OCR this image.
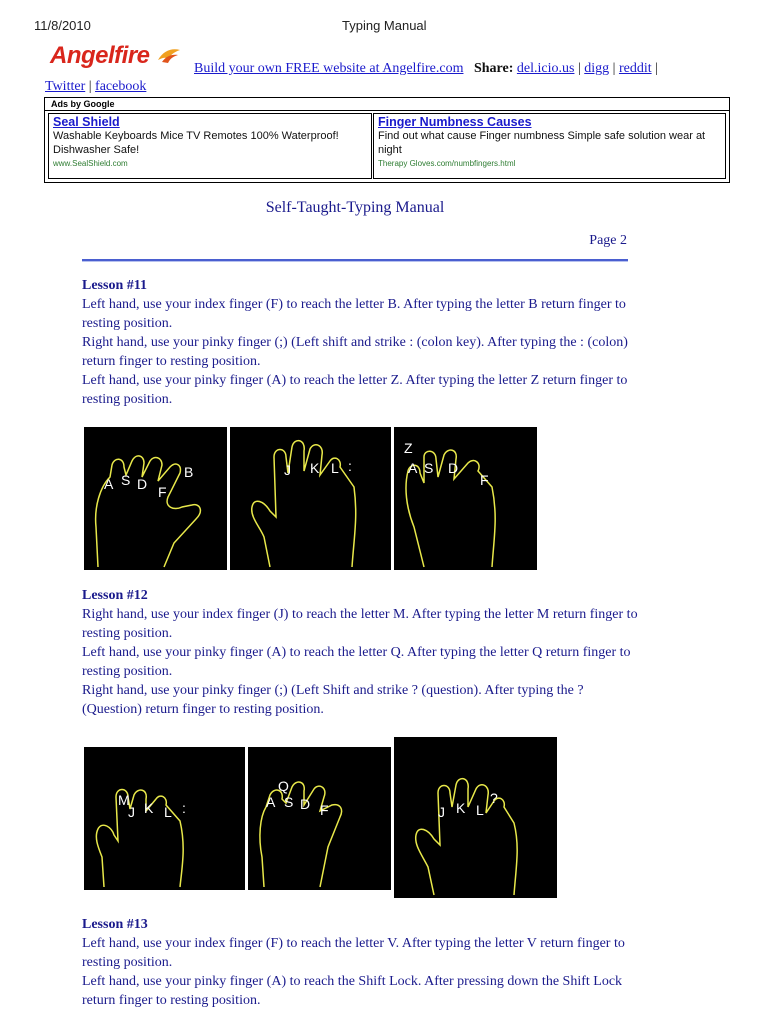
11/8/2010	Typing Manual
Angelfire	Build your own FREE website at Angelfire.com Share: del.icio.us | digg | reddit |
Twitter | facebook
Ads by Google
Seal Shield
Washable Keyboards Mice TV Remotes 100% Waterproof! Dishwasher Safe!
www.SealShield.com
Finger Numbness Causes
Find out what cause Finger numbness Simple safe solution wear at night
Therapy Gloves.com/numbfingers.html
Self-Taught-Typing Manual
Page 2
Lesson #11

Left hand, use your index finger (F) to reach the letter B. After typing the letter B return finger to resting position.

Right hand, use your pinky finger (;) (Left shift and strike : (colon key). After typing the : (colon) return finger to resting position.

Left hand, use your pinky finger (A) to reach the letter Z. After typing the letter Z return finger to resting position.

A S D F
B	J K L :
Z
A S D
F
Lesson #12

Right hand, use your index finger (J) to reach the letter M. After typing the letter M return finger to resting position.

Left hand, use your pinky finger (A) to reach the letter Q. After typing the letter Q return finger to resting position.

Right hand, use your pinky finger (;) (Left Shift and strike ? (question). After typing the ? (Question) return finger to resting position.

M
J K L :
Q
A S D F	J K L
?
Lesson #13

Left hand, use your index finger (F) to reach the letter V. After typing the letter V return finger to resting position.

Left hand, use your pinky finger (A) to reach the Shift Lock. After pressing down the Shift Lock return finger to resting position.
